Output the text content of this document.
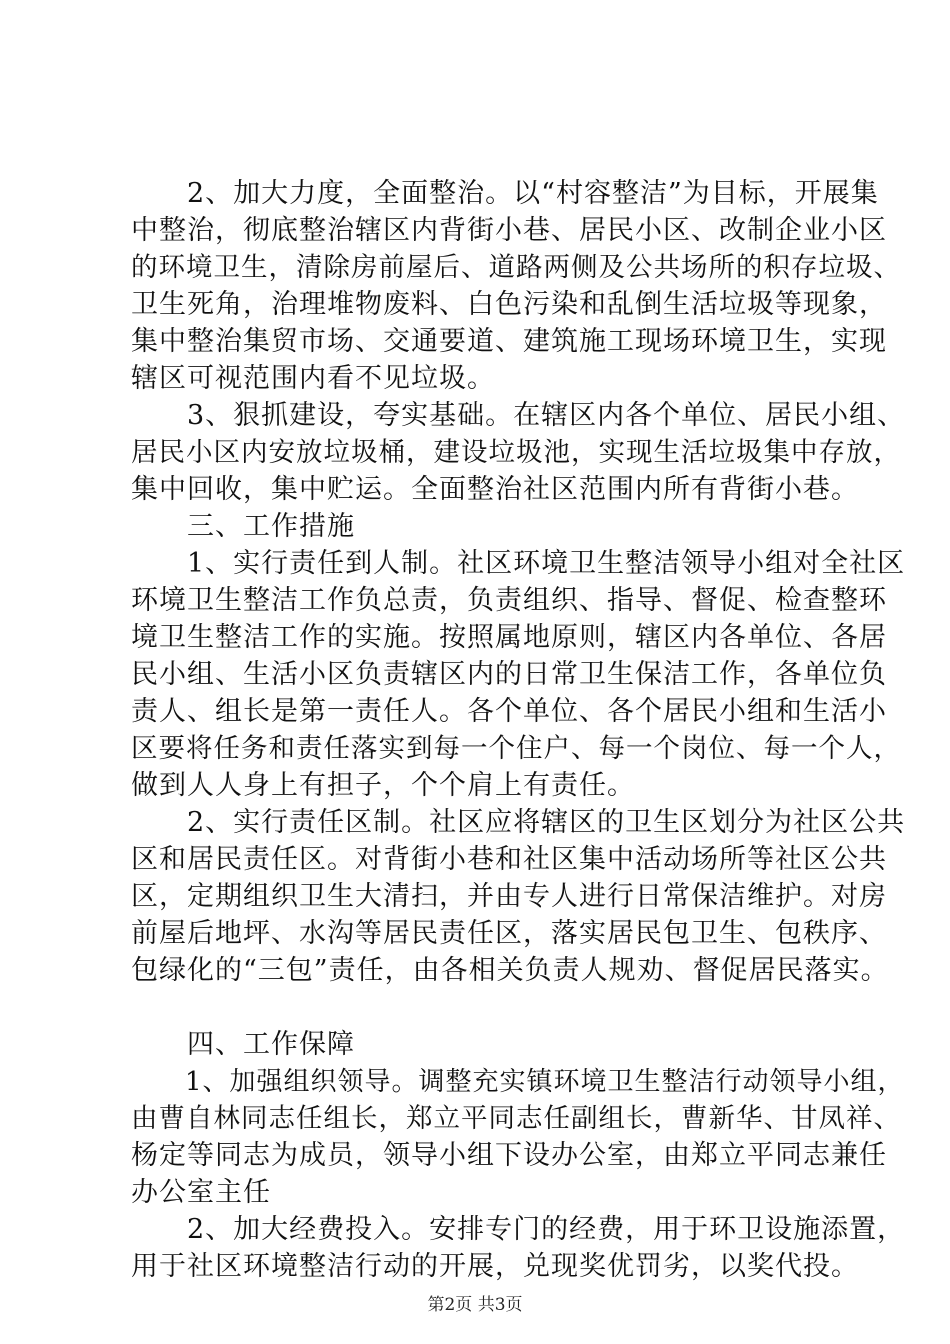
　　2、加大力度，全面整治。以“村容整洁”为目标，开展集
中整治，彻底整治辖区内背街小巷、居民小区、改制企业小区
的环境卫生，清除房前屋后、道路两侧及公共场所的积存垃圾、
卫生死角，治理堆物废料、白色污染和乱倒生活垃圾等现象，
集中整治集贸市场、交通要道、建筑施工现场环境卫生，实现
辖区可视范围内看不见垃圾。
　　3、狠抓建设，夸实基础。在辖区内各个单位、居民小组、
居民小区内安放垃圾桶，建设垃圾池，实现生活垃圾集中存放，
集中回收，集中贮运。全面整治社区范围内所有背街小巷。
　　三、工作措施
　　1、实行责任到人制。社区环境卫生整洁领导小组对全社区
环境卫生整洁工作负总责，负责组织、指导、督促、检查整环
境卫生整洁工作的实施。按照属地原则，辖区内各单位、各居
民小组、生活小区负责辖区内的日常卫生保洁工作，各单位负
责人、组长是第一责任人。各个单位、各个居民小组和生活小
区要将任务和责任落实到每一个住户、每一个岗位、每一个人，
做到人人身上有担子，个个肩上有责任。
　　2、实行责任区制。社区应将辖区的卫生区划分为社区公共
区和居民责任区。对背街小巷和社区集中活动场所等社区公共
区，定期组织卫生大清扫，并由专人进行日常保洁维护。对房
前屋后地坪、水沟等居民责任区，落实居民包卫生、包秩序、
包绿化的“三包”责任，由各相关负责人规劝、督促居民落实。
　　四、工作保障
　　1、加强组织领导。调整充实镇环境卫生整洁行动领导小组，
由曹自林同志任组长，郑立平同志任副组长，曹新华、甘凤祥、
杨定等同志为成员，领导小组下设办公室，由郑立平同志兼任
办公室主任
　　2、加大经费投入。安排专门的经费，用于环卫设施添置，
用于社区环境整洁行动的开展，兑现奖优罚劣，以奖代投。
第2页 共3页
